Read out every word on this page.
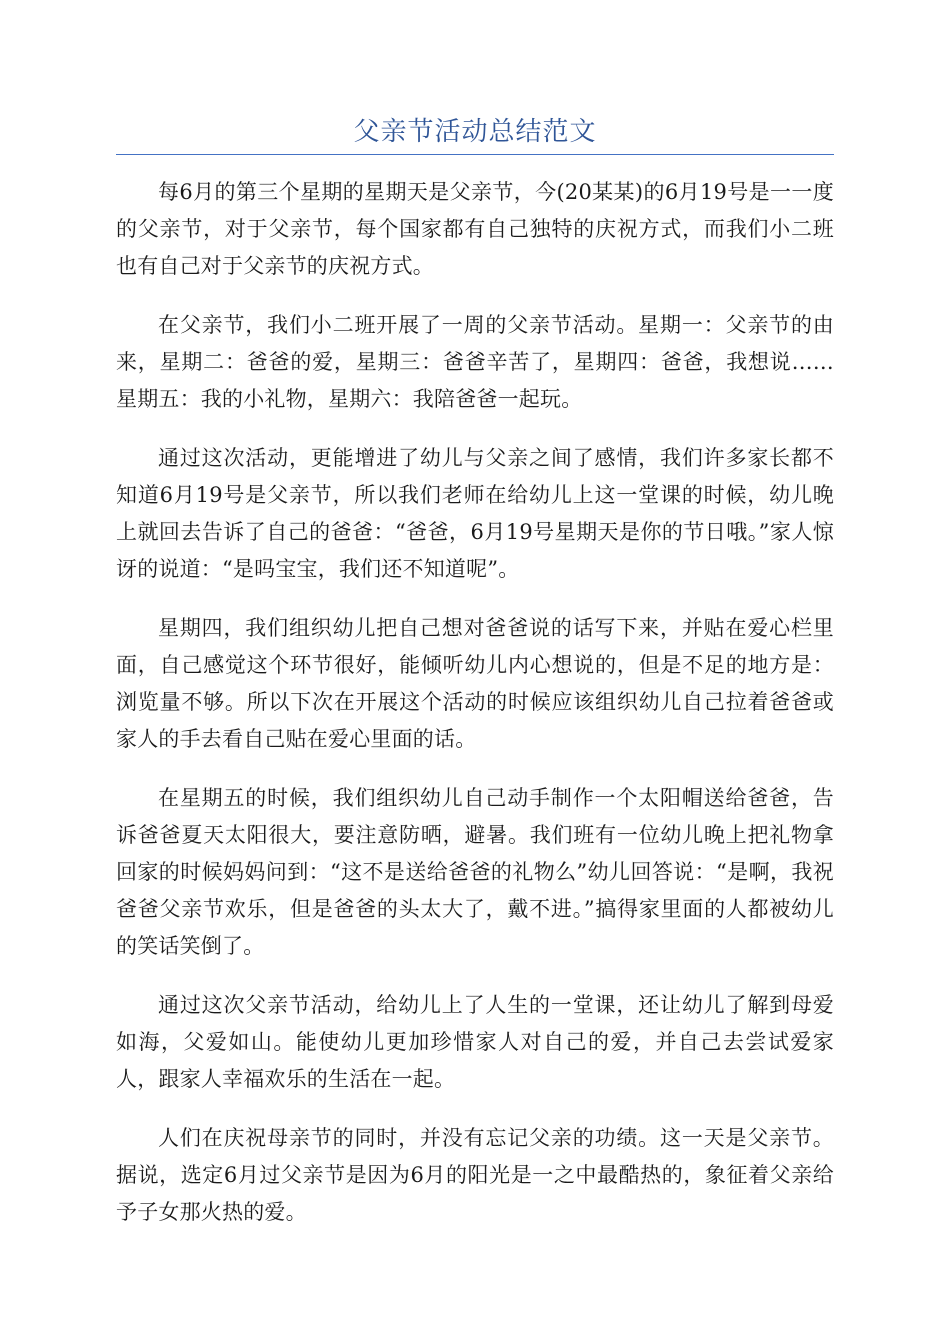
父亲节活动总结范文

每6月的第三个星期的星期天是父亲节，今(20某某)的6月19号是一一度的父亲节，对于父亲节，每个国家都有自己独特的庆祝方式，而我们小二班也有自己对于父亲节的庆祝方式。

在父亲节，我们小二班开展了一周的父亲节活动。星期一：父亲节的由来，星期二：爸爸的爱，星期三：爸爸辛苦了，星期四：爸爸，我想说……星期五：我的小礼物，星期六：我陪爸爸一起玩。

通过这次活动，更能增进了幼儿与父亲之间了感情，我们许多家长都不知道6月19号是父亲节，所以我们老师在给幼儿上这一堂课的时候，幼儿晚上就回去告诉了自己的爸爸：“爸爸，6月19号星期天是你的节日哦。”家人惊讶的说道：“是吗宝宝，我们还不知道呢”。

星期四，我们组织幼儿把自己想对爸爸说的话写下来，并贴在爱心栏里面，自己感觉这个环节很好，能倾听幼儿内心想说的，但是不足的地方是：浏览量不够。所以下次在开展这个活动的时候应该组织幼儿自己拉着爸爸或家人的手去看自己贴在爱心里面的话。

在星期五的时候，我们组织幼儿自己动手制作一个太阳帽送给爸爸，告诉爸爸夏天太阳很大，要注意防晒，避暑。我们班有一位幼儿晚上把礼物拿回家的时候妈妈问到：“这不是送给爸爸的礼物么”幼儿回答说：“是啊，我祝爸爸父亲节欢乐，但是爸爸的头太大了，戴不进。”搞得家里面的人都被幼儿的笑话笑倒了。

通过这次父亲节活动，给幼儿上了人生的一堂课，还让幼儿了解到母爱如海，父爱如山。能使幼儿更加珍惜家人对自己的爱，并自己去尝试爱家人，跟家人幸福欢乐的生活在一起。

人们在庆祝母亲节的同时，并没有忘记父亲的功绩。这一天是父亲节。据说，选定6月过父亲节是因为6月的阳光是一之中最酷热的，象征着父亲给予子女那火热的爱。
